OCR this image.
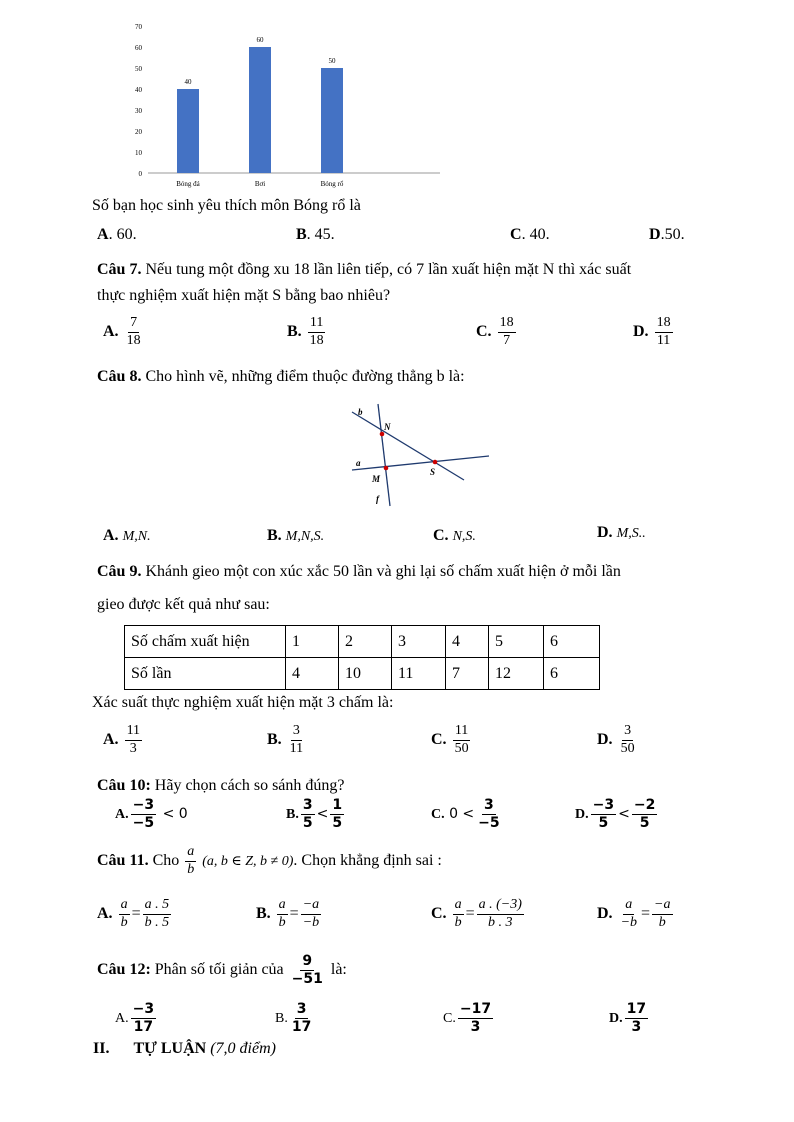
0
10
20
30
40
50
60
70
40
60
50
Bóng đá	Bơi	Bóng rổ
Số bạn học sinh yêu thích môn Bóng rổ là
A. 60.	B. 45.	C. 40.	D.50.
Câu 7. Nếu tung một đồng xu 18 lần liên tiếp, có 7 lần xuất hiện mặt N thì xác suất
thực nghiệm xuất hiện mặt S bằng bao nhiêu?
A. $\frac{7}{18}$	B. $\frac{11}{18}$	C. $\frac{18}{7}$	D. $\frac{18}{11}$
Câu 8. Cho hình vẽ, những điểm thuộc đường thẳng b là:
b
N
a
M
S
f
A. M,N.	B. M,N,S.	C. N,S.	D. M,S..
Câu 9. Khánh gieo một con xúc xắc 50 lần và ghi lại số chấm xuất hiện ở mỗi lần
gieo được kết quả như sau:
Số chấm xuất hiện	1	2	3	4	5	6
Số lần	4	10	11	7	12	6
Xác suất thực nghiệm xuất hiện mặt 3 chấm là:
A. $\frac{11}{3}$	B. $\frac{3}{11}$	C. $\frac{11}{50}$	D. $\frac{3}{50}$
Câu 10: Hãy chọn cách so sánh đúng?
A. $\frac{-3}{-5} < 0$	B. $\frac{3}{5} < \frac{1}{5}$	C. $0 < \frac{3}{-5}$	D. $\frac{-3}{5} < \frac{-2}{5}$
Câu 11. Cho $\frac{a}{b} (a$, b ∈ Z, b ≠ 0). Chọn khẳng định sai :
A. $\frac{a}{b} = \frac{a . 5}{b . 5}$	B. $\frac{a}{b} = \frac{-a}{-b}$	C. $\frac{a}{b} = \frac{a . (-3)}{b . 3}$	D. $\frac{a}{-b} = \frac{-a}{b}$
Câu 12: Phân số tối giản của $\frac{9}{-51}$ là:
A. $\frac{-3}{17}$	B. $\frac{3}{17}$	C. $\frac{-17}{3}$	D. $\frac{17}{3}$
II. TỰ LUẬN (7,0 điểm)
